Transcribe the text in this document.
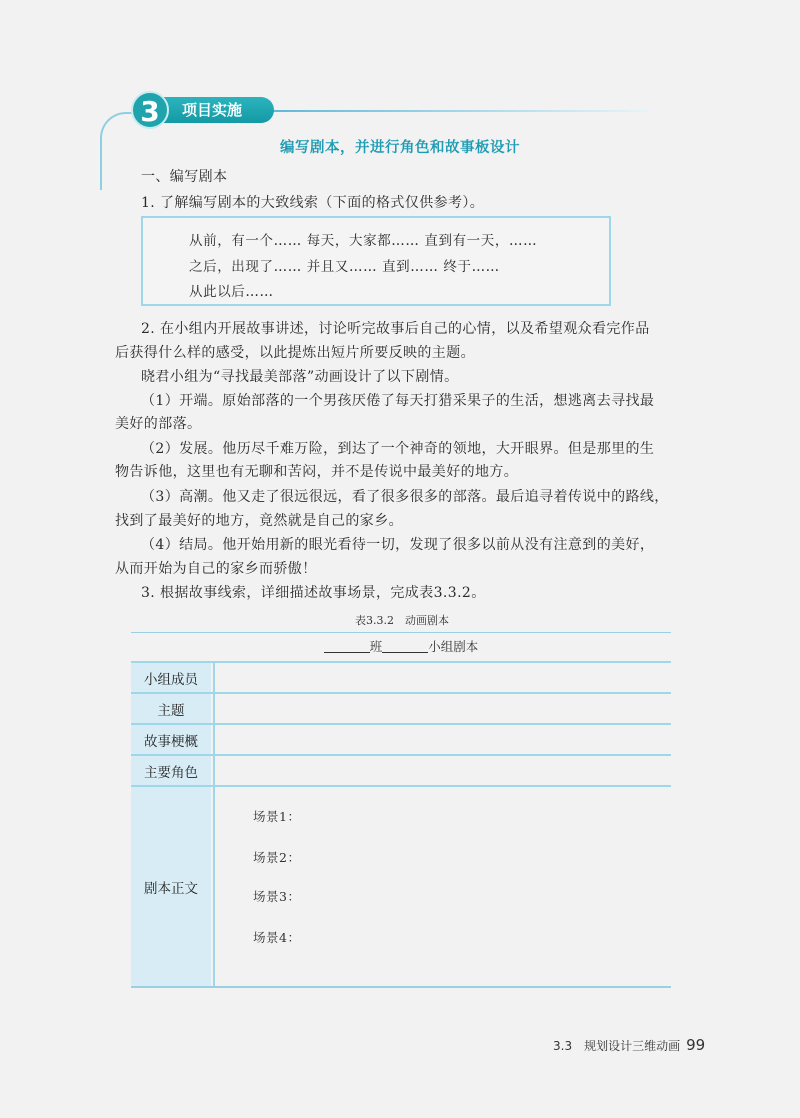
项目实施
3
编写剧本，并进行角色和故事板设计
一、编写剧本
1. 了解编写剧本的大致线索（下面的格式仅供参考）。
从前，有一个…… 每天，大家都…… 直到有一天，……
之后，出现了…… 并且又…… 直到…… 终于……
从此以后……
2. 在小组内开展故事讲述，讨论听完故事后自己的心情，以及希望观众看完作品
后获得什么样的感受，以此提炼出短片所要反映的主题。
晓君小组为“寻找最美部落”动画设计了以下剧情。
（1）开端。原始部落的一个男孩厌倦了每天打猎采果子的生活，想逃离去寻找最
美好的部落。
（2）发展。他历尽千难万险，到达了一个神奇的领地，大开眼界。但是那里的生
物告诉他，这里也有无聊和苦闷，并不是传说中最美好的地方。
（3）高潮。他又走了很远很远，看了很多很多的部落。最后追寻着传说中的路线，
找到了最美好的地方，竟然就是自己的家乡。
（4）结局。他开始用新的眼光看待一切，发现了很多以前从没有注意到的美好，
从而开始为自己的家乡而骄傲！
3. 根据故事线索，详细描述故事场景，完成表3.3.2。
表3.3.2　动画剧本
班	小组剧本
小组成员
主题
故事梗概
主要角色
剧本正文
场景1：
场景2：
场景3：
场景4：
3.3　规划设计三维动画 99
